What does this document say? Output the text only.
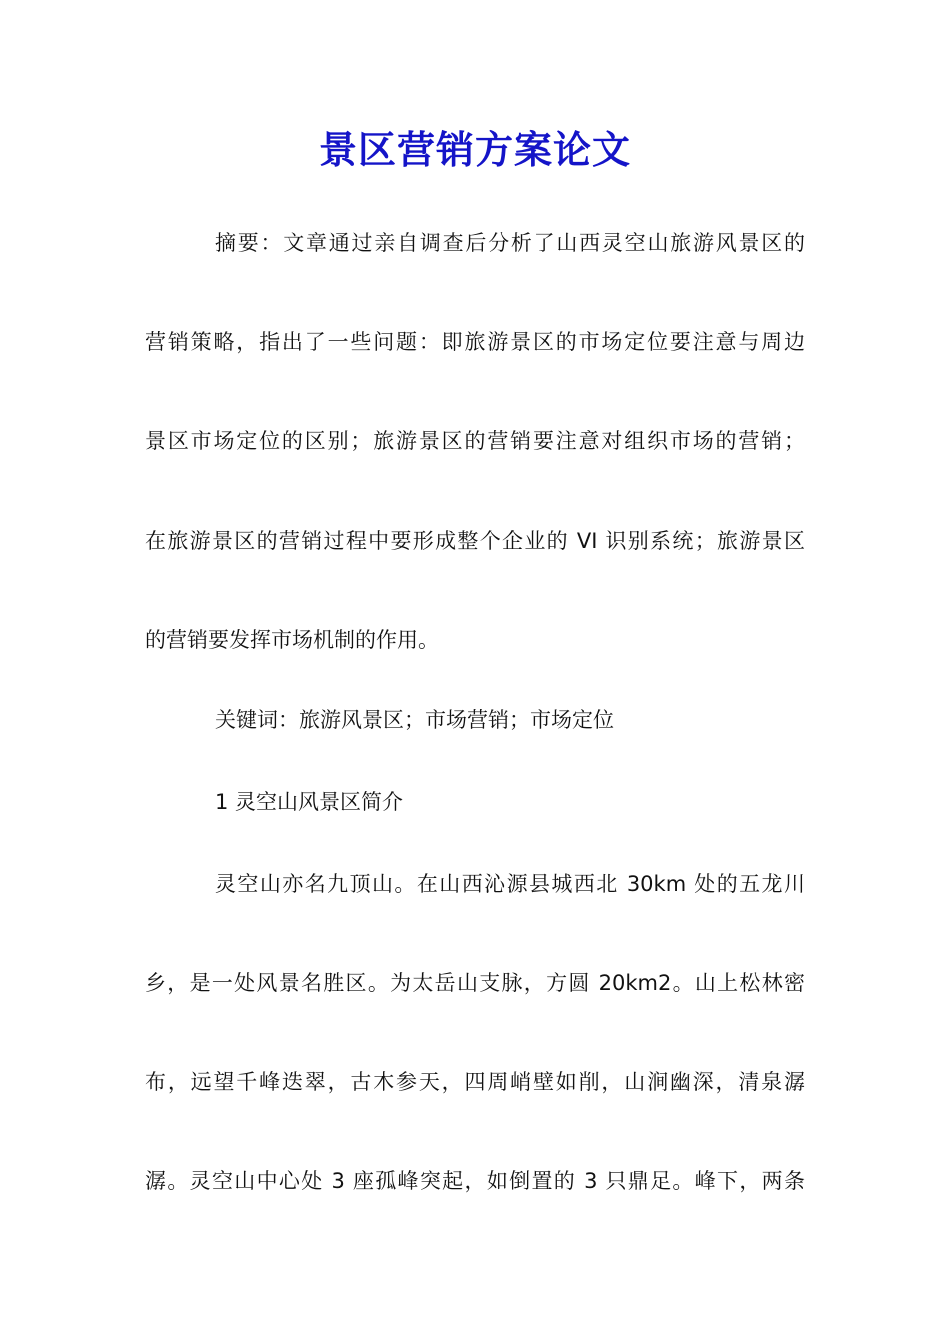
景区营销方案论文
摘要：文章通过亲自调查后分析了山西灵空山旅游风景区的
营销策略，指出了一些问题：即旅游景区的市场定位要注意与周边
景区市场定位的区别；旅游景区的营销要注意对组织市场的营销；
在旅游景区的营销过程中要形成整个企业的 VI 识别系统；旅游景区
的营销要发挥市场机制的作用。
关键词：旅游风景区；市场营销；市场定位
1 灵空山风景区简介
灵空山亦名九顶山。在山西沁源县城西北 30km 处的五龙川
乡，是一处风景名胜区。为太岳山支脉，方圆 20km2。山上松林密
布，远望千峰迭翠，古木参天，四周峭壁如削，山涧幽深，清泉潺
潺。灵空山中心处 3 座孤峰突起，如倒置的 3 只鼎足。峰下，两条
